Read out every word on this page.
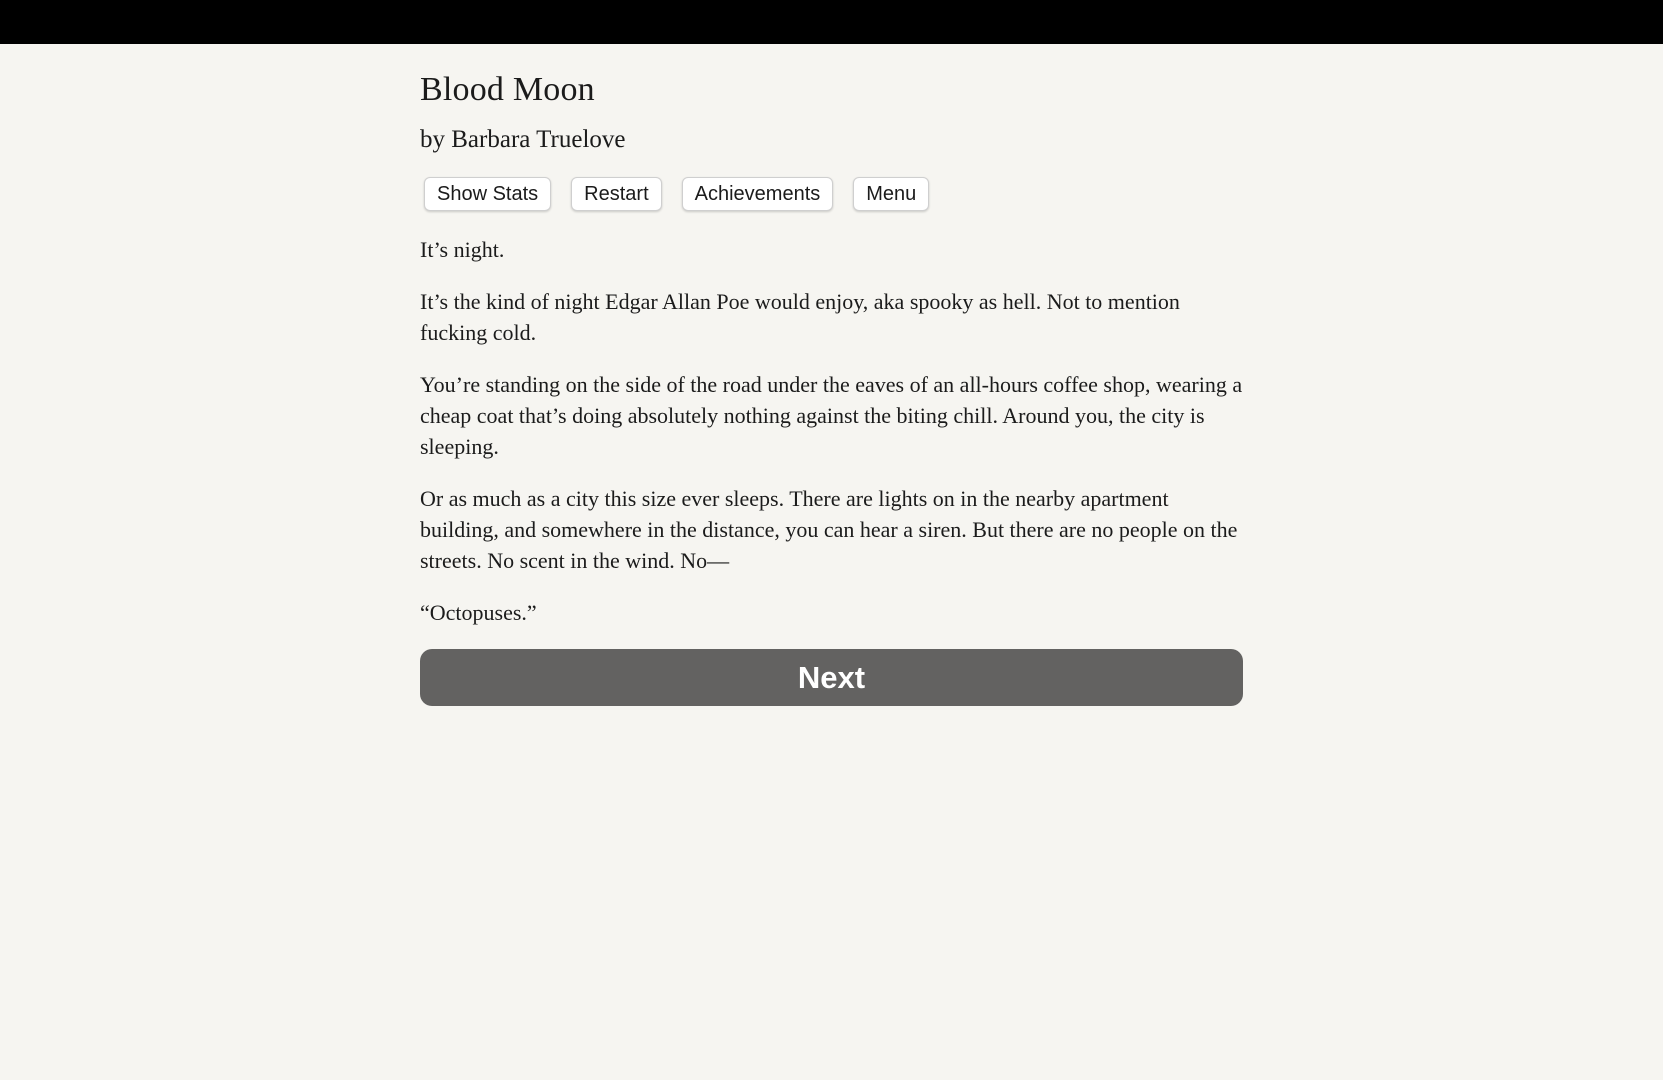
Blood Moon
by Barbara Truelove
Show Stats	Restart	Achievements	Menu

It’s night.

It’s the kind of night Edgar Allan Poe would enjoy, aka spooky as hell. Not to mention fucking cold.

You’re standing on the side of the road under the eaves of an all-hours coffee shop, wearing a cheap coat that’s doing absolutely nothing against the biting chill. Around you, the city is sleeping.

Or as much as a city this size ever sleeps. There are lights on in the nearby apartment building, and somewhere in the distance, you can hear a siren. But there are no people on the streets. No scent in the wind. No—

“Octopuses.”

Next
